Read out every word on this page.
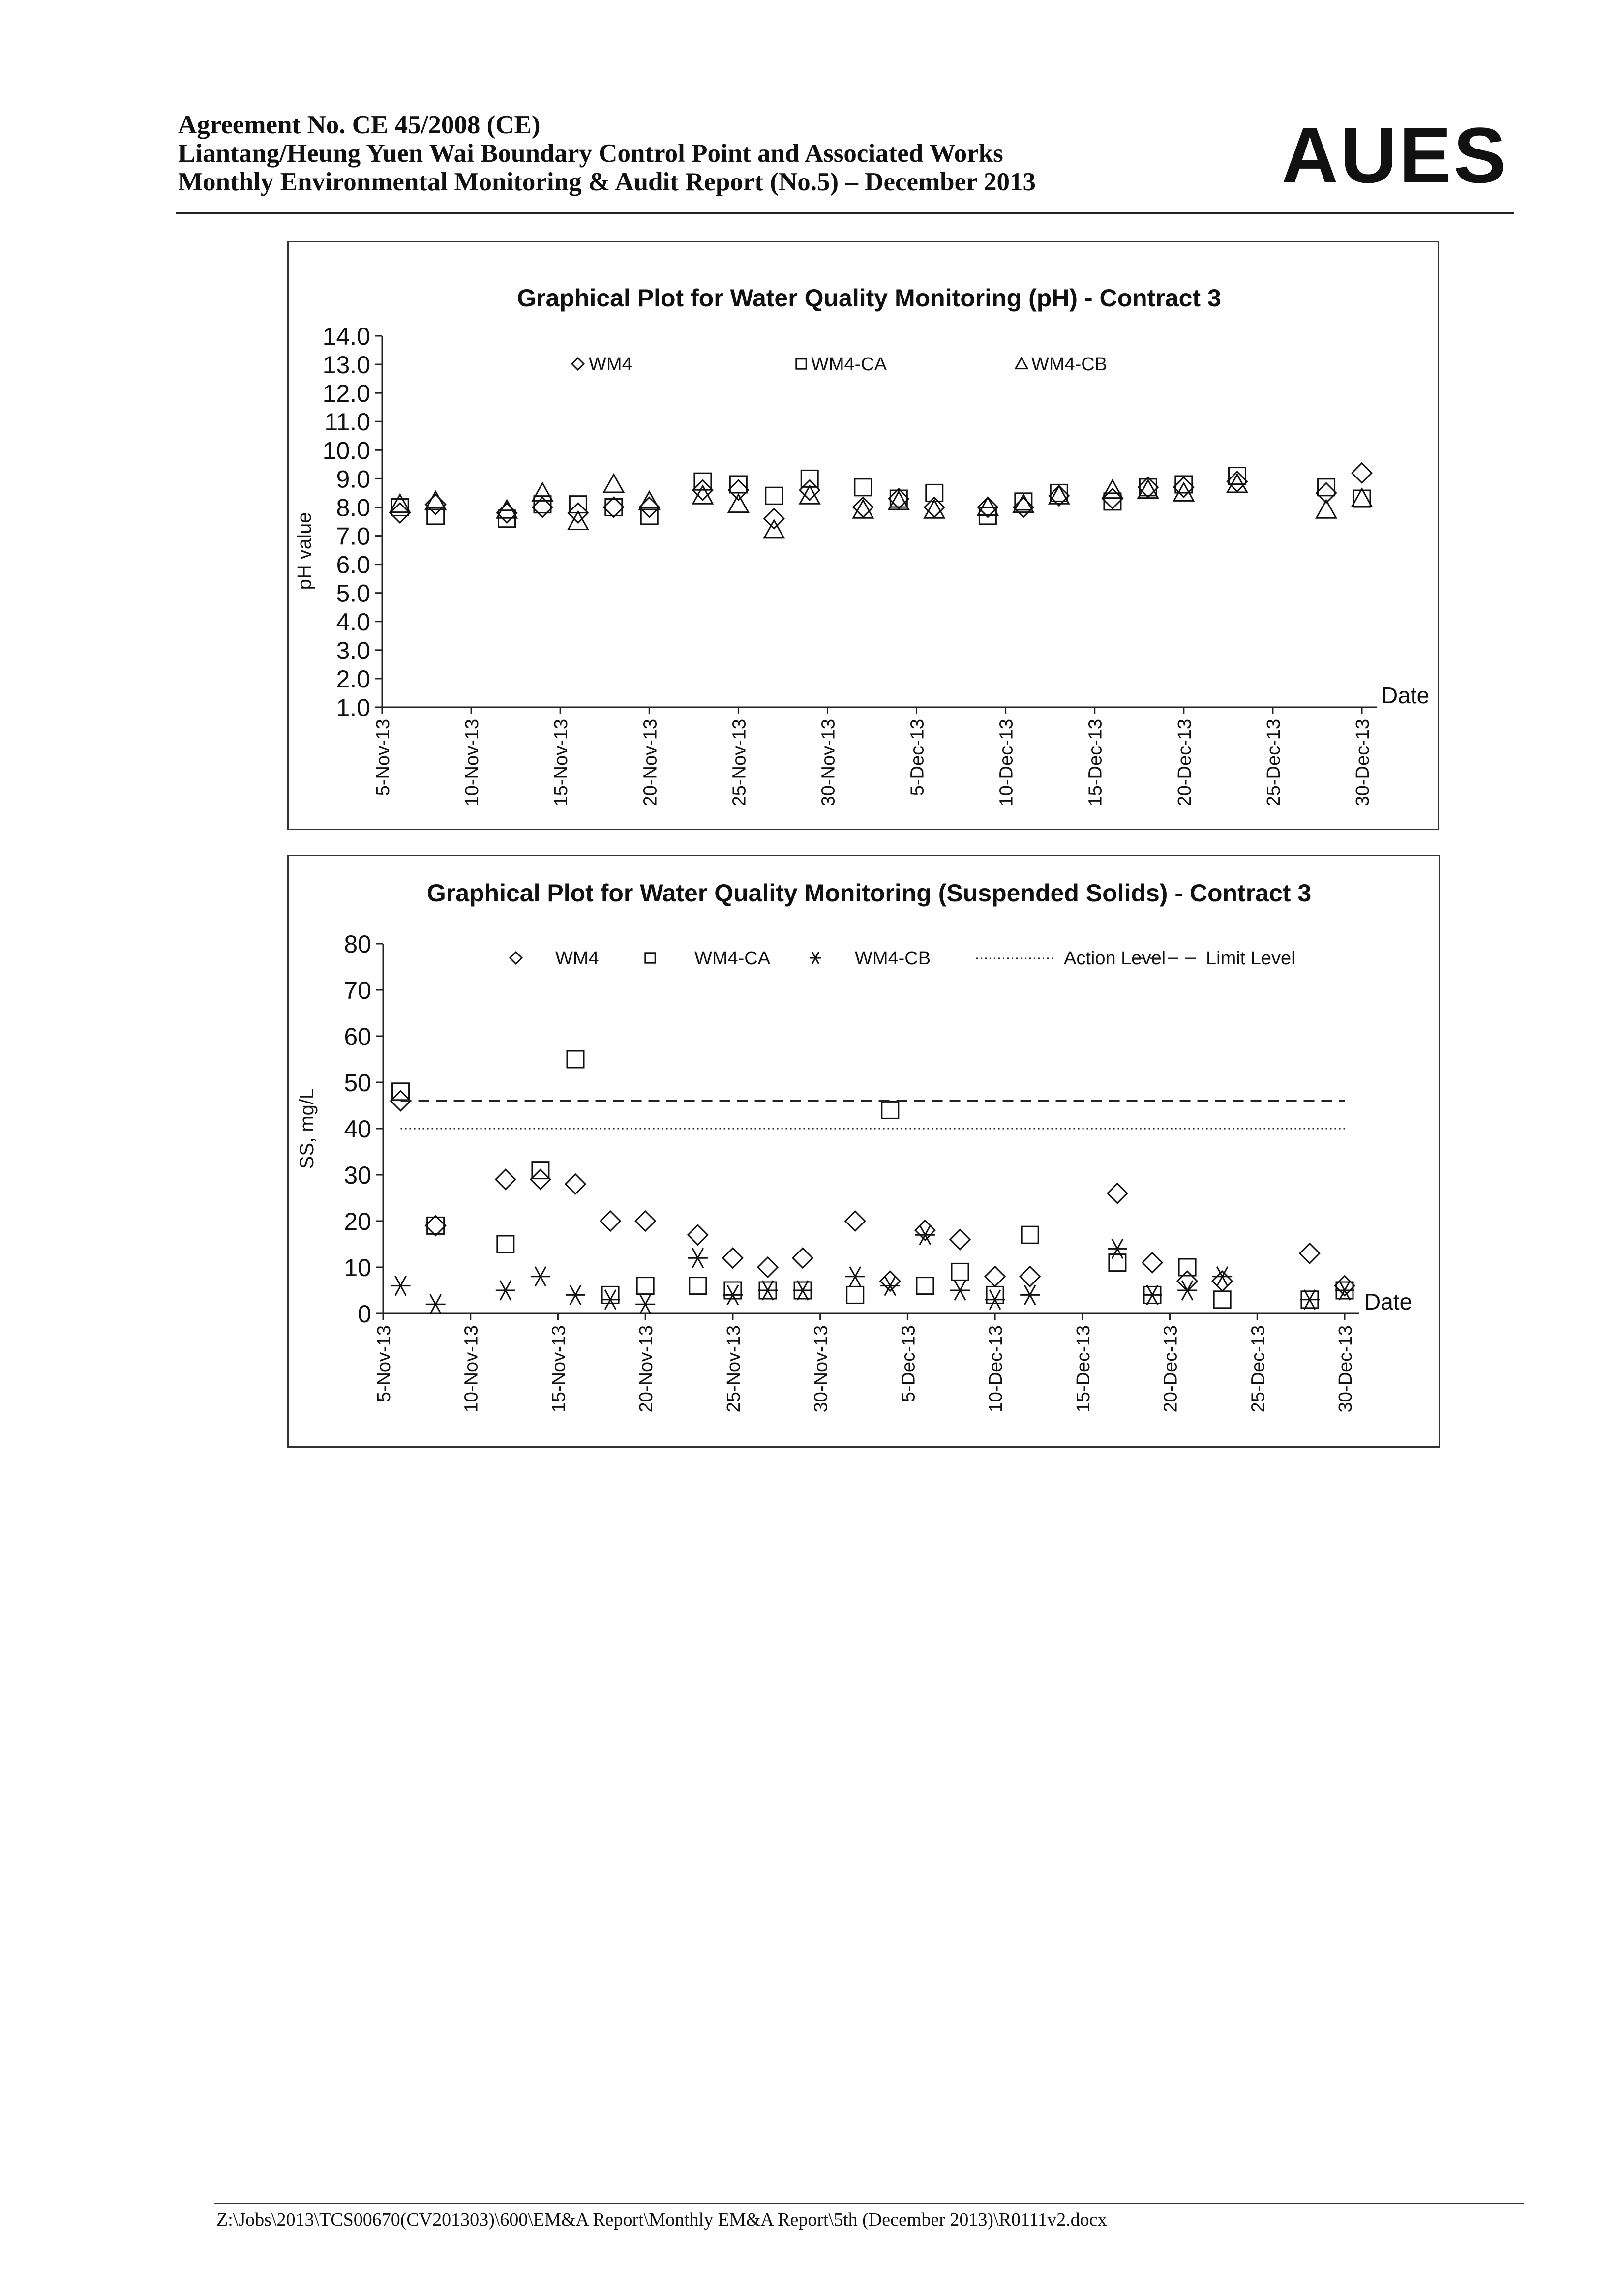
Agreement No. CE 45/2008 (CE)
Liantang/Heung Yuen Wai Boundary Control Point and Associated Works
Monthly Environmental Monitoring & Audit Report (No.5) – December 2013	AUES
Graphical Plot for Water Quality Monitoring (pH) - Contract 3
1.0
2.0
3.0
4.0
5.0
6.0
7.0
8.0
9.0
10.0
11.0
12.0
13.0
14.0
pH value
5-Nov-13	10-Nov-13	15-Nov-13	20-Nov-13	25-Nov-13	30-Nov-13	5-Dec-13	10-Dec-13	15-Dec-13	20-Dec-13	25-Dec-13	30-Dec-13
Date
WM4	WM4-CA	WM4-CB
Graphical Plot for Water Quality Monitoring (Suspended Solids) - Contract 3
0
10
20
30
40
50
60
70
80
SS, mg/L
5-Nov-13	10-Nov-13	15-Nov-13	20-Nov-13	25-Nov-13	30-Nov-13	5-Dec-13	10-Dec-13	15-Dec-13	20-Dec-13	25-Dec-13	30-Dec-13
Date
WM4	WM4-CA	WM4-CB	Action Level Limit Level
Z:\Jobs\2013\TCS00670(CV201303)\600\EM&A Report\Monthly EM&A Report\5th (December 2013)\R0111v2.docx
